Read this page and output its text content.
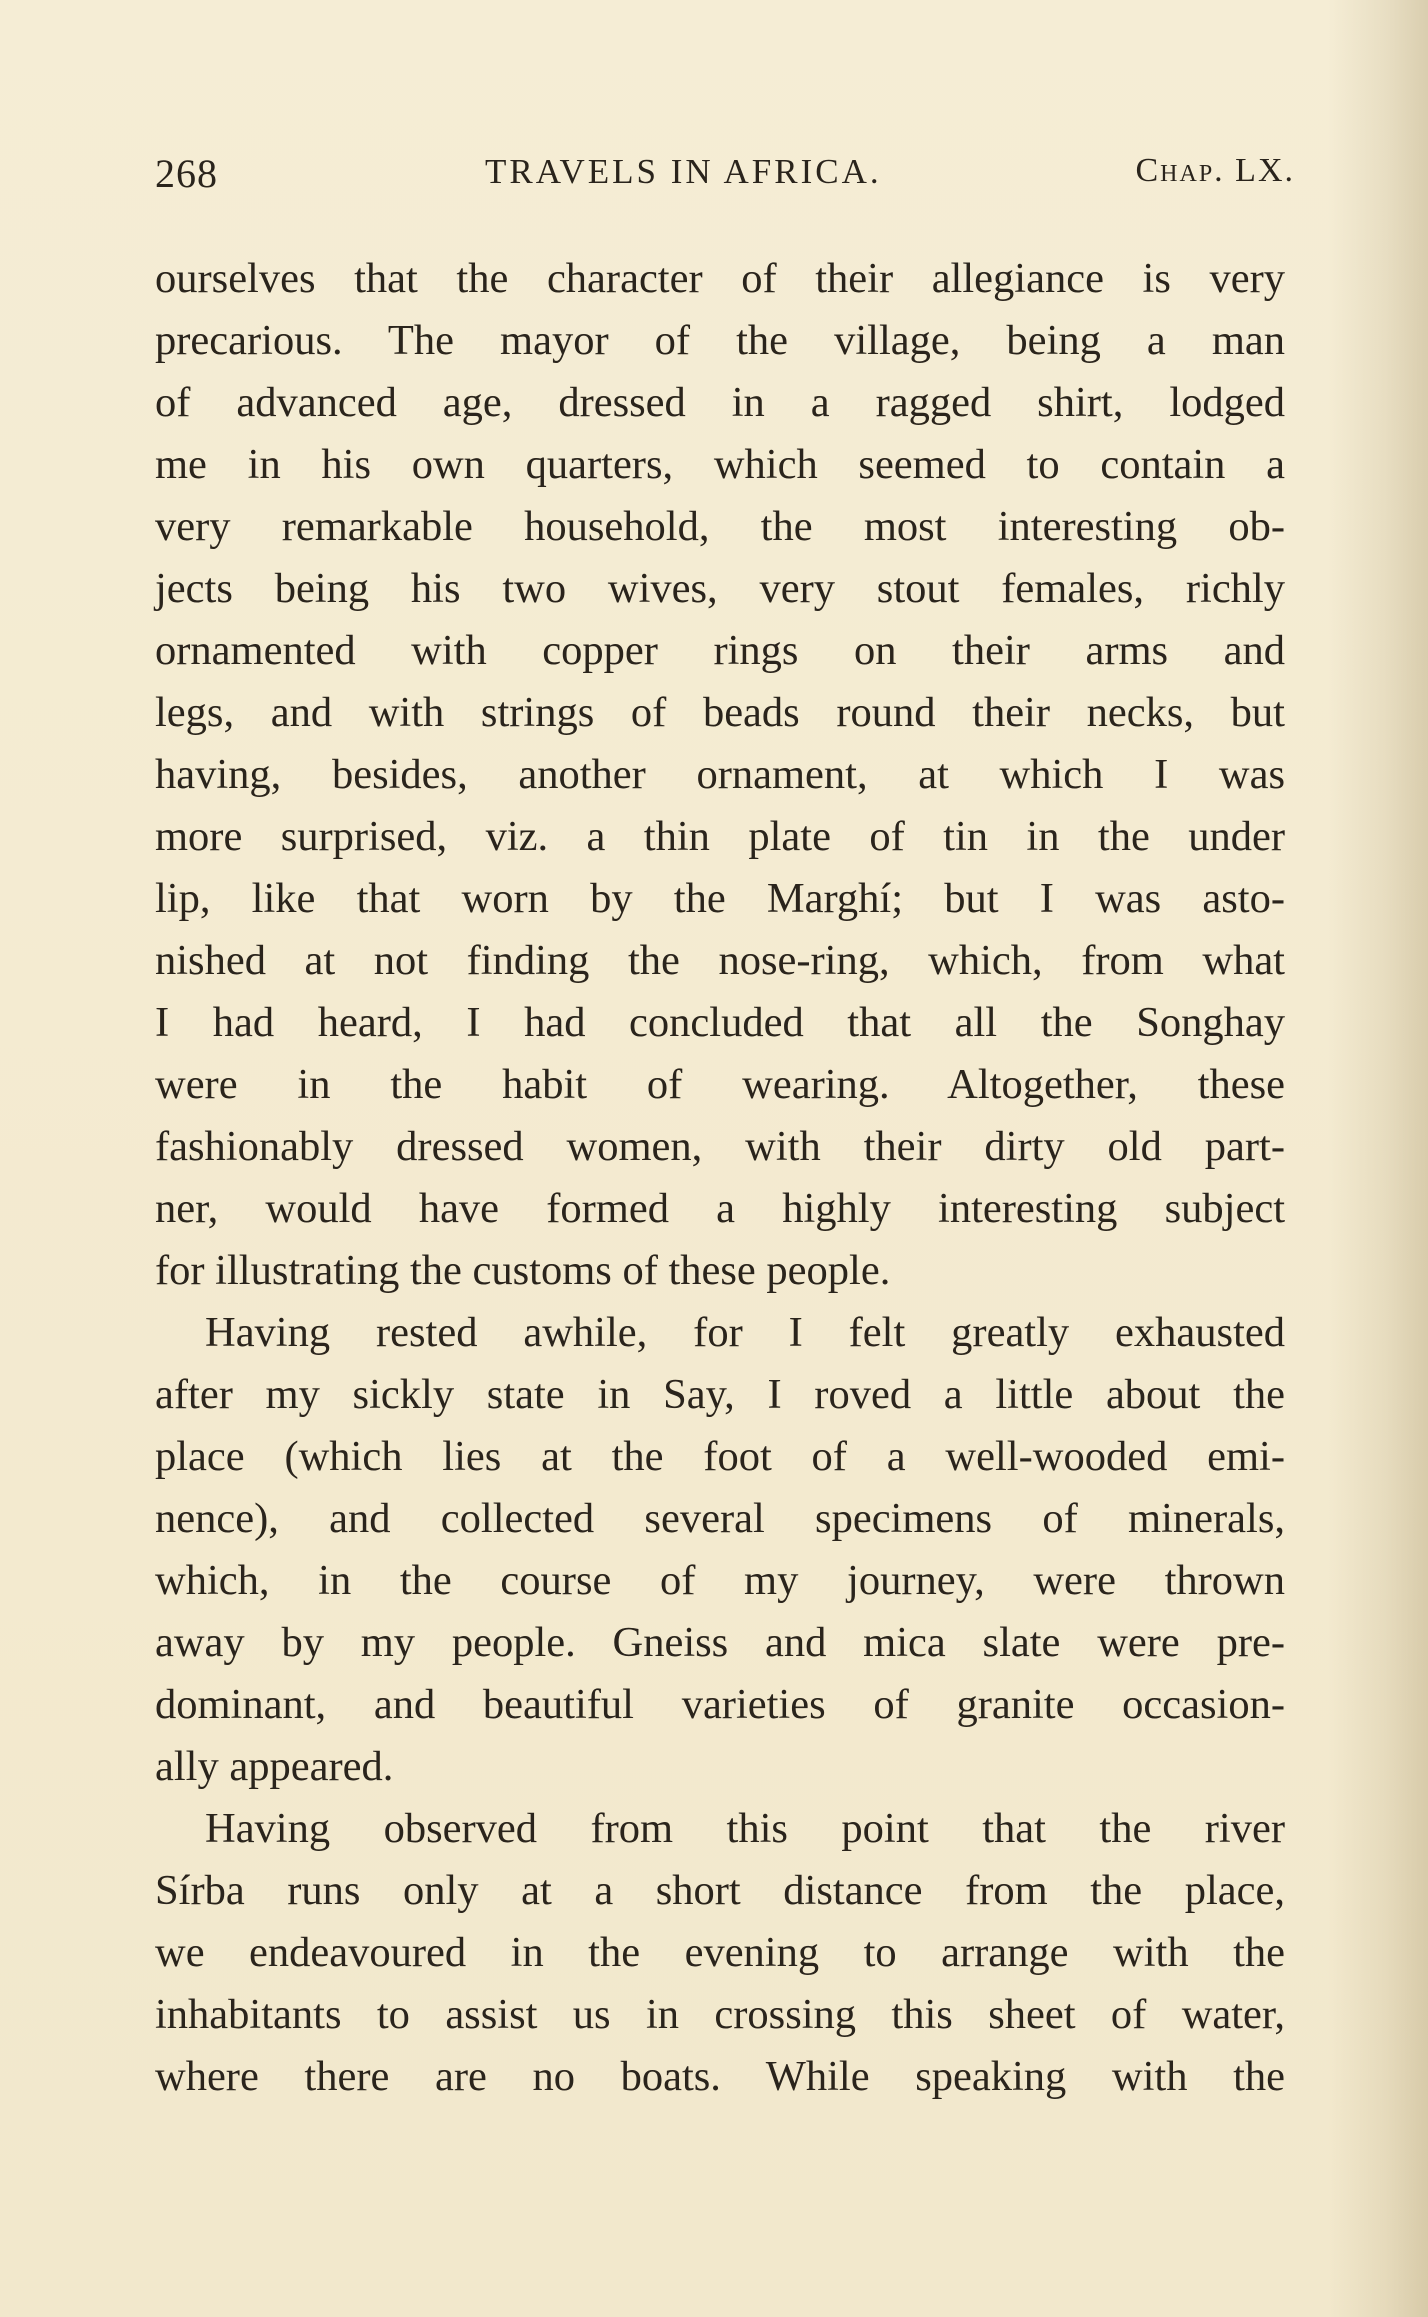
268	TRAVELS IN AFRICA.	Chap. LX.
ourselves that the character of their allegiance is very
precarious. The mayor of the village, being a man
of advanced age, dressed in a ragged shirt, lodged
me in his own quarters, which seemed to contain a
very remarkable household, the most interesting ob-
jects being his two wives, very stout females, richly
ornamented with copper rings on their arms and
legs, and with strings of beads round their necks, but
having, besides, another ornament, at which I was
more surprised, viz. a thin plate of tin in the under
lip, like that worn by the Marghí; but I was asto-
nished at not finding the nose-ring, which, from what
I had heard, I had concluded that all the Songhay
were in the habit of wearing. Altogether, these
fashionably dressed women, with their dirty old part-
ner, would have formed a highly interesting subject
for illustrating the customs of these people.
Having rested awhile, for I felt greatly exhausted
after my sickly state in Say, I roved a little about the
place (which lies at the foot of a well-wooded emi-
nence), and collected several specimens of minerals,
which, in the course of my journey, were thrown
away by my people. Gneiss and mica slate were pre-
dominant, and beautiful varieties of granite occasion-
ally appeared.
Having observed from this point that the river
Sírba runs only at a short distance from the place,
we endeavoured in the evening to arrange with the
inhabitants to assist us in crossing this sheet of water,
where there are no boats. While speaking with the
